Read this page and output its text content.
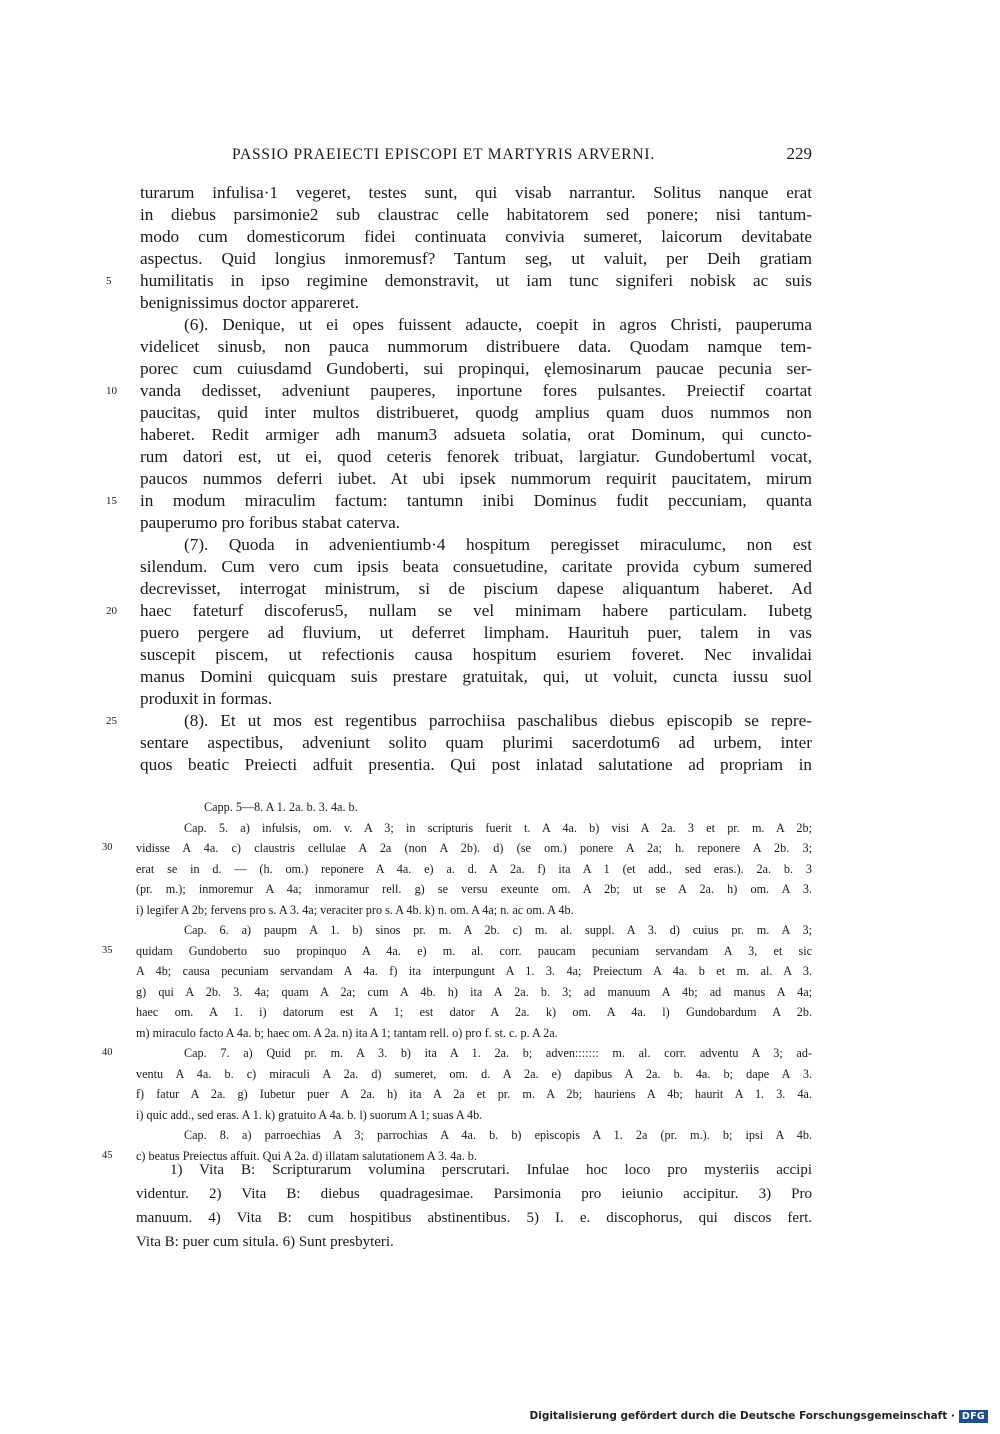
PASSIO PRAEIECTI EPISCOPI ET MARTYRIS ARVERNI.	229
turarum infulisa·1 vegeret, testes sunt, qui visab narrantur. Solitus nanque erat
in diebus parsimonie2 sub claustrac celle habitatorem sed ponere; nisi tantum-
modo cum domesticorum fidei continuata convivia sumeret, laicorum devitabate
aspectus. Quid longius inmoremusf? Tantum seg, ut valuit, per Deih gratiam
humilitatis in ipso regimine demonstravit, ut iam tunc signiferi nobisk ac suis
5
benignissimus doctor appareret.
(6). Denique, ut ei opes fuissent adaucte, coepit in agros Christi, pauperuma
videlicet sinusb, non pauca nummorum distribuere data. Quodam namque tem-
porec cum cuiusdamd Gundoberti, sui propinqui, ęlemosinarum paucae pecunia ser-
vanda dedisset, adveniunt pauperes, inportune fores pulsantes. Preiectif coartat
10
paucitas, quid inter multos distribueret, quodg amplius quam duos nummos non
haberet. Redit armiger adh manum3 adsueta solatia, orat Dominum, qui cuncto-
rum datori est, ut ei, quod ceteris fenorek tribuat, largiatur. Gundobertuml vocat,
paucos nummos deferri iubet. At ubi ipsek nummorum requirit paucitatem, mirum
in modum miraculim factum: tantumn inibi Dominus fudit peccuniam, quanta
15
pauperumo pro foribus stabat caterva.
(7). Quoda in advenientiumb·4 hospitum peregisset miraculumc, non est
silendum. Cum vero cum ipsis beata consuetudine, caritate provida cybum sumered
decrevisset, interrogat ministrum, si de piscium dapese aliquantum haberet. Ad
haec fateturf discoferus5, nullam se vel minimam habere particulam. Iubetg
20
puero pergere ad fluvium, ut deferret limpham. Haurituh puer, talem in vas
suscepit piscem, ut refectionis causa hospitum esuriem foveret. Nec invalidai
manus Domini quicquam suis prestare gratuitak, qui, ut voluit, cuncta iussu suol
produxit in formas.
(8). Et ut mos est regentibus parrochiisa paschalibus diebus episcopib se repre-
25
sentare aspectibus, adveniunt solito quam plurimi sacerdotum6 ad urbem, inter
quos beatic Preiecti adfuit presentia. Qui post inlatad salutatione ad propriam in
Capp. 5—8. A 1. 2a. b. 3. 4a. b.
Cap. 5. a) infulsis, om. v. A 3; in scripturis fuerit t. A 4a. b) visi A 2a. 3 et pr. m. A 2b;
vidisse A 4a. c) claustris cellulae A 2a (non A 2b). d) (se om.) ponere A 2a; h. reponere A 2b. 3;
30
erat se in d. — (h. om.) reponere A 4a. e) a. d. A 2a. f) ita A 1 (et add., sed eras.). 2a. b. 3
(pr. m.); inmoremur A 4a; inmoramur rell. g) se versu exeunte om. A 2b; ut se A 2a. h) om. A 3.
i) legifer A 2b; fervens pro s. A 3. 4a; veraciter pro s. A 4b. k) n. om. A 4a; n. ac om. A 4b.
Cap. 6. a) paupm A 1. b) sinos pr. m. A 2b. c) m. al. suppl. A 3. d) cuius pr. m. A 3;
quidam Gundoberto suo propinquo A 4a. e) m. al. corr. paucam pecuniam servandam A 3, et sic
35
A 4b; causa pecuniam servandam A 4a. f) ita interpungunt A 1. 3. 4a; Preiectum A 4a. b et m. al. A 3.
g) qui A 2b. 3. 4a; quam A 2a; cum A 4b. h) ita A 2a. b. 3; ad manuum A 4b; ad manus A 4a;
haec om. A 1. i) datorum est A 1; est dator A 2a. k) om. A 4a. l) Gundobardum A 2b.
m) miraculo facto A 4a. b; haec om. A 2a. n) ita A 1; tantam rell. o) pro f. st. c. p. A 2a.
Cap. 7. a) Quid pr. m. A 3. b) ita A 1. 2a. b; adven::::::: m. al. corr. adventu A 3; ad-
40
ventu A 4a. b. c) miraculi A 2a. d) sumeret, om. d. A 2a. e) dapibus A 2a. b. 4a. b; dape A 3.
f) fatur A 2a. g) Iubetur puer A 2a. h) ita A 2a et pr. m. A 2b; hauriens A 4b; haurit A 1. 3. 4a.
i) quic add., sed eras. A 1. k) gratuito A 4a. b. l) suorum A 1; suas A 4b.
Cap. 8. a) parroechias A 3; parrochias A 4a. b. b) episcopis A 1. 2a (pr. m.). b; ipsi A 4b.
c) beatus Preiectus affuit. Qui A 2a. d) illatam salutationem A 3. 4a. b.
45
1) Vita B: Scripturarum volumina perscrutari. Infulae hoc loco pro mysteriis accipi
videntur. 2) Vita B: diebus quadragesimae. Parsimonia pro ieiunio accipitur. 3) Pro
manuum. 4) Vita B: cum hospitibus abstinentibus. 5) I. e. discophorus, qui discos fert.
Vita B: puer cum situla. 6) Sunt presbyteri.
Digitalisierung gefördert durch die Deutsche Forschungsgemeinschaft · DFG
